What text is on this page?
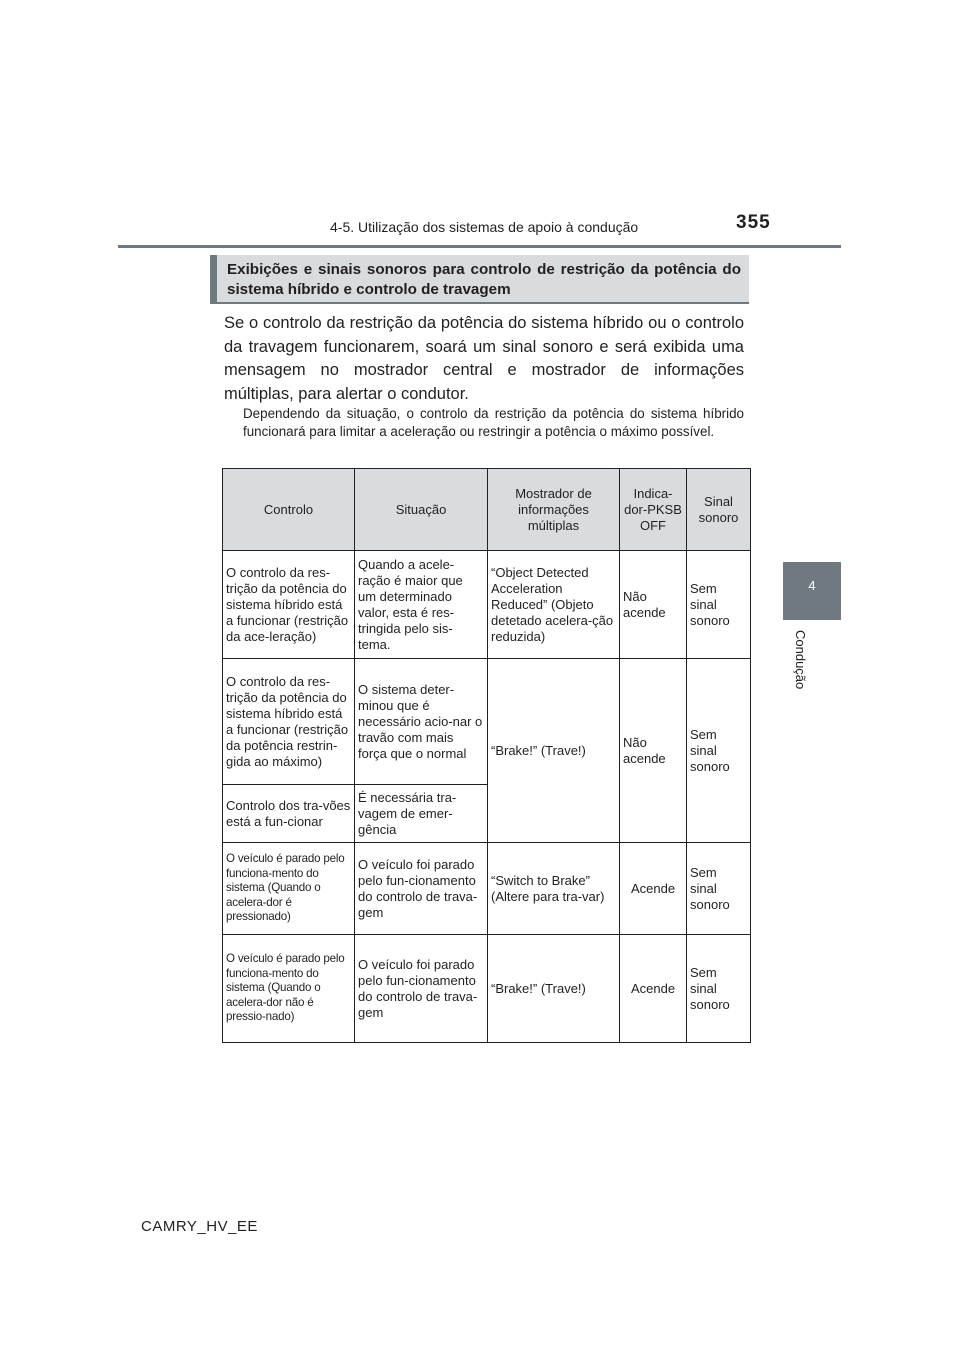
4-5. Utilização dos sistemas de apoio à condução	355
4
Condução
Exibições e sinais sonoros para controlo de restrição da potência do sistema híbrido e controlo de travagem
Se o controlo da restrição da potência do sistema híbrido ou o controlo da travagem funcionarem, soará um sinal sonoro e será exibida uma mensagem no mostrador central e mostrador de informações múltiplas, para alertar o condutor.
Dependendo da situação, o controlo da restrição da potência do sistema híbrido funcionará para limitar a aceleração ou restringir a potência o máximo possível.
Controlo	Situação	Mostrador de informações múltiplas	Indica-dor-PKSB OFF	Sinal sonoro
O controlo da res-trição da potência do sistema híbrido está a funcionar (restrição da ace-leração)	Quando a acele-ração é maior que um determinado valor, esta é res-tringida pelo sis-tema.	“Object Detected Acceleration Reduced” (Objeto detetado acelera-ção reduzida)	Não acende	Sem sinal sonoro
O controlo da res-trição da potência do sistema híbrido está a funcionar (restrição da potência restrin-gida ao máximo)	O sistema deter-minou que é necessário acio-nar o travão com mais força que o normal	“Brake!” (Trave!)	Não acende	Sem sinal sonoro
Controlo dos tra-vões está a fun-cionar	É necessária tra-vagem de emer-gência			
O veículo é parado pelo funciona-mento do sistema (Quando o acelera-dor é pressionado)	O veículo foi parado pelo fun-cionamento do controlo de trava-gem	“Switch to Brake” (Altere para tra-var)	Acende	Sem sinal sonoro
O veículo é parado pelo funciona-mento do sistema (Quando o acelera-dor não é pressio-nado)	O veículo foi parado pelo fun-cionamento do controlo de trava-gem	“Brake!” (Trave!)	Acende	Sem sinal sonoro
CAMRY_HV_EE
